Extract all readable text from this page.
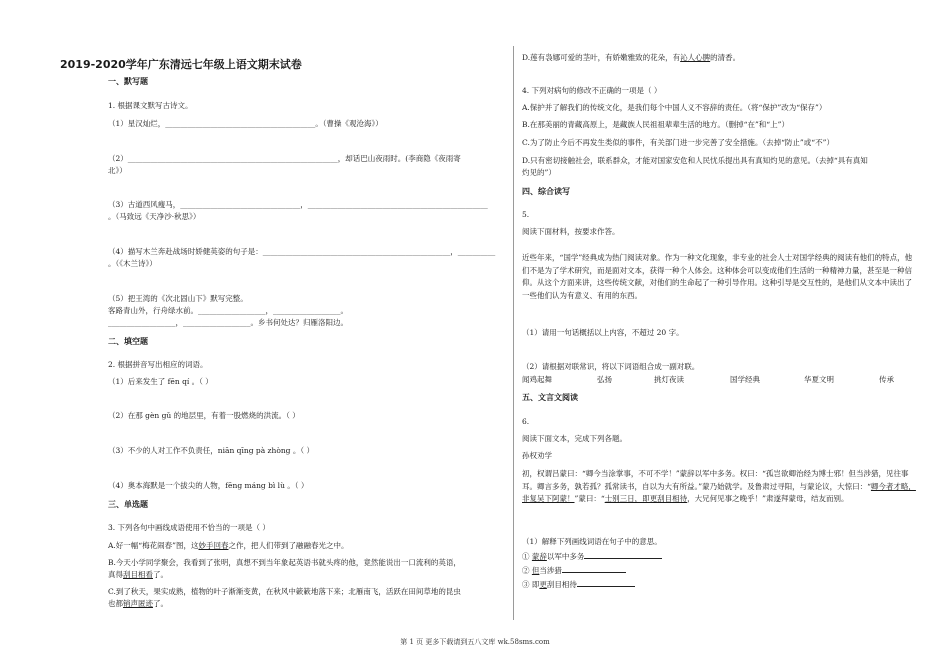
2019-2020学年广东清远七年级上语文期末试卷
一、默写题
1. 根据课文默写古诗文。
（1）星汉灿烂，________________________________________。（曹操《观沧海》）
（2）________________________________________________________，却话巴山夜雨时。(李商隐《夜雨寄
北》）
（3）古道西风瘦马，________________________________，________________________________________________
。（马致远《天净沙·秋思》）
（4）描写木兰奔赴战场时娇健英姿的句子是：__________________________________________________，__________
。（《木兰诗》）
（5）把王湾的《次北固山下》默写完整。
客路青山外，行舟绿水前。__________________，__________________。
__________________，__________________。乡书何处达？归雁洛阳边。
二、填空题
2. 根据拼音写出相应的词语。
（1）后来发生了 fēn qí 。（ ）
（2）在那 gèn gǔ 的地层里，有着一股燃烧的洪流。（ ）
（3）不少的人对工作不负责任，niān qīng pà zhòng 。（ ）
（4）奥本海默是一个拔尖的人物，fēng máng bì lù 。（ ）
三、单选题
3. 下列各句中画线成语使用不恰当的一项是（ ）
A.好一幅“梅花闹春”图，这妙手回春之作，把人们带到了融融春光之中。
B.今天小学同学聚会，我看到了张明，真想不到当年象起英语书就头疼的他，竟然能说出一口流利的英语，
真得刮目相看了。
C.到了秋天，果实成熟，植物的叶子渐渐变黄，在秋风中簌簌地落下来；北雁南飞，活跃在田间草地的昆虫
也都销声匿迹了。
D.莲有袅娜可爱的茎叶，有娇嫩雅致的花朵，有沁人心脾的清香。
4. 下列对病句的修改不正确的一项是（ ）
A.保护并了解我们的传统文化，是我们每个中国人义不容辞的责任。（将“保护”改为“保存”）
B.在那美丽的青藏高原上，是藏族人民祖祖辈辈生活的地方。（删掉“在”和“上”）
C.为了防止今后不再发生类似的事件，有关部门进一步完善了安全措施。（去掉“防止”或“不”）
D.只有密切接触社会，联系群众，才能对国家安危和人民忧乐提出具有真知灼见的意见。（去掉“具有真知
灼见的”）
四、综合读写
5.
阅读下面材料，按要求作答。
近些年来，“国学”经典成为热门阅读对象。作为一种文化现象，非专业的社会人士对国学经典的阅读有他们的特点，他们不是为了学术研究，而是面对文本，获得一种个人体会。这种体会可以变成他们生活的一种精神力量，甚至是一种信仰。从这个方面来讲，这些传统文献，对他们的生命起了一种引导作用。这种引导是交互性的，是他们从文本中读出了一些他们认为有意义、有用的东西。
（1）请用一句话概括以上内容，不超过 20 字。
（2）请根据对联常识，将以下词语组合成一副对联。
闻鸡起舞	弘扬	挑灯夜读	国学经典	华夏文明	传承
五、文言文阅读
6.
阅读下面文本，完成下列各题。
孙权劝学
初，权谓吕蒙曰：“卿今当涂掌事，不可不学！”蒙辞以军中多务。权曰：“孤岂欲卿治经为博士邪！但当涉猎，见往事耳。卿言多务，孰若孤？孤常读书，自以为大有所益。”蒙乃始就学。及鲁肃过寻阳，与蒙论议，大惊曰：“卿今者才略，非复吴下阿蒙！”蒙曰：“士别三日，即更刮目相待，大兄何见事之晚乎！”肃遂拜蒙母，结友而别。
（1）解释下列画线词语在句子中的意思。
① 蒙辞以军中多务
② 但当涉猎
③ 即更刮目相待
第 1 页 更多下载请到五八文库 wk.58sms.com
